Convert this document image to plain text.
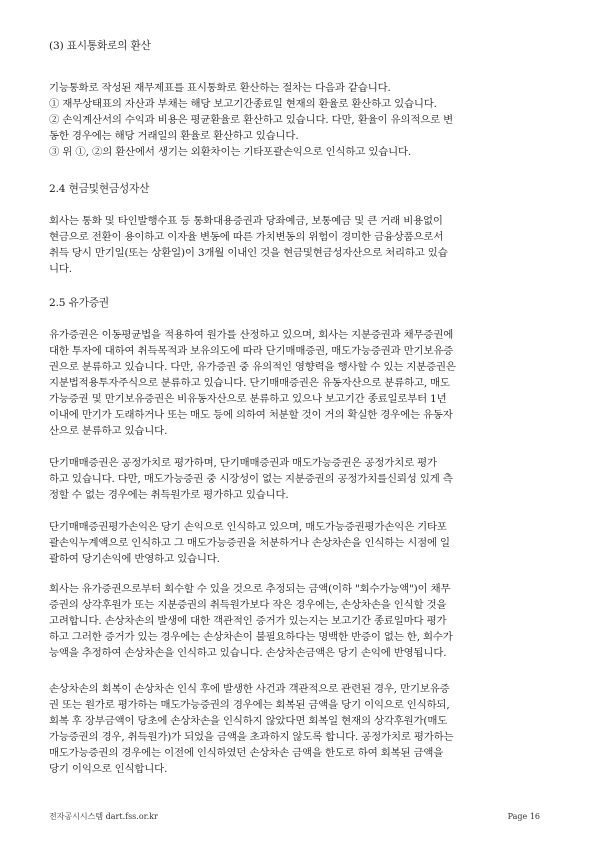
(3) 표시통화로의 환산
기능통화로 작성된 재무제표를 표시통화로 환산하는 절차는 다음과 같습니다.
① 재무상태표의 자산과 부채는 해당 보고기간종료일 현재의 환율로 환산하고 있습니다.
② 손익계산서의 수익과 비용은 평균환율로 환산하고 있습니다. 다만, 환율이 유의적으로 변
동한 경우에는 해당 거래일의 환율로 환산하고 있습니다.
③ 위 ①, ②의 환산에서 생기는 외환차이는 기타포괄손익으로 인식하고 있습니다.
2.4 현금및현금성자산
회사는 통화 및 타인발행수표 등 통화대용증권과 당좌예금, 보통예금 및 큰 거래 비용없이
현금으로 전환이 용이하고 이자율 변동에 따른 가치변동의 위험이 경미한 금융상품으로서
취득 당시 만기일(또는 상환일)이 3개월 이내인 것을 현금및현금성자산으로 처리하고 있습
니다.
2.5 유가증권
유가증권은 이동평균법을 적용하여 원가를 산정하고 있으며, 회사는 지분증권과 채무증권에
대한 투자에 대하여 취득목적과 보유의도에 따라 단기매매증권, 매도가능증권과 만기보유증
권으로 분류하고 있습니다. 다만, 유가증권 중 유의적인 영향력을 행사할 수 있는 지분증권은
지분법적용투자주식으로 분류하고 있습니다. 단기매매증권은 유동자산으로 분류하고, 매도
가능증권 및 만기보유증권은 비유동자산으로 분류하고 있으나 보고기간 종료일로부터 1년
이내에 만기가 도래하거나 또는 매도 등에 의하여 처분할 것이 거의 확실한 경우에는 유동자
산으로 분류하고 있습니다.
단기매매증권은 공정가치로 평가하며, 단기매매증권과 매도가능증권은 공정가치로 평가
하고 있습니다. 다만, 매도가능증권 중 시장성이 없는 지분증권의 공정가치를신뢰성 있게 측
정할 수 없는 경우에는 취득원가로 평가하고 있습니다.
단기매매증권평가손익은 당기 손익으로 인식하고 있으며, 매도가능증권평가손익은 기타포
괄손익누계액으로 인식하고 그 매도가능증권을 처분하거나 손상차손을 인식하는 시점에 일
괄하여 당기손익에 반영하고 있습니다.
회사는 유가증권으로부터 회수할 수 있을 것으로 추정되는 금액(이하 "회수가능액")이 채무
증권의 상각후원가 또는 지분증권의 취득원가보다 작은 경우에는, 손상차손을 인식할 것을
고려합니다. 손상차손의 발생에 대한 객관적인 증거가 있는지는 보고기간 종료일마다 평가
하고 그러한 증거가 있는 경우에는 손상차손이 불필요하다는 명백한 반증이 없는 한, 회수가
능액을 추정하여 손상차손을 인식하고 있습니다. 손상차손금액은 당기 손익에 반영됩니다.
손상차손의 회복이 손상차손 인식 후에 발생한 사건과 객관적으로 관련된 경우, 만기보유증
권 또는 원가로 평가하는 매도가능증권의 경우에는 회복된 금액을 당기 이익으로 인식하되,
회복 후 장부금액이 당초에 손상차손을 인식하지 않았다면 회복일 현재의 상각후원가(매도
가능증권의 경우, 취득원가)가 되었을 금액을 초과하지 않도록 합니다. 공정가치로 평가하는
매도가능증권의 경우에는 이전에 인식하였던 손상차손 금액을 한도로 하여 회복된 금액을
당기 이익으로 인식합니다.
전자공시시스템 dart.fss.or.kr	Page 16
